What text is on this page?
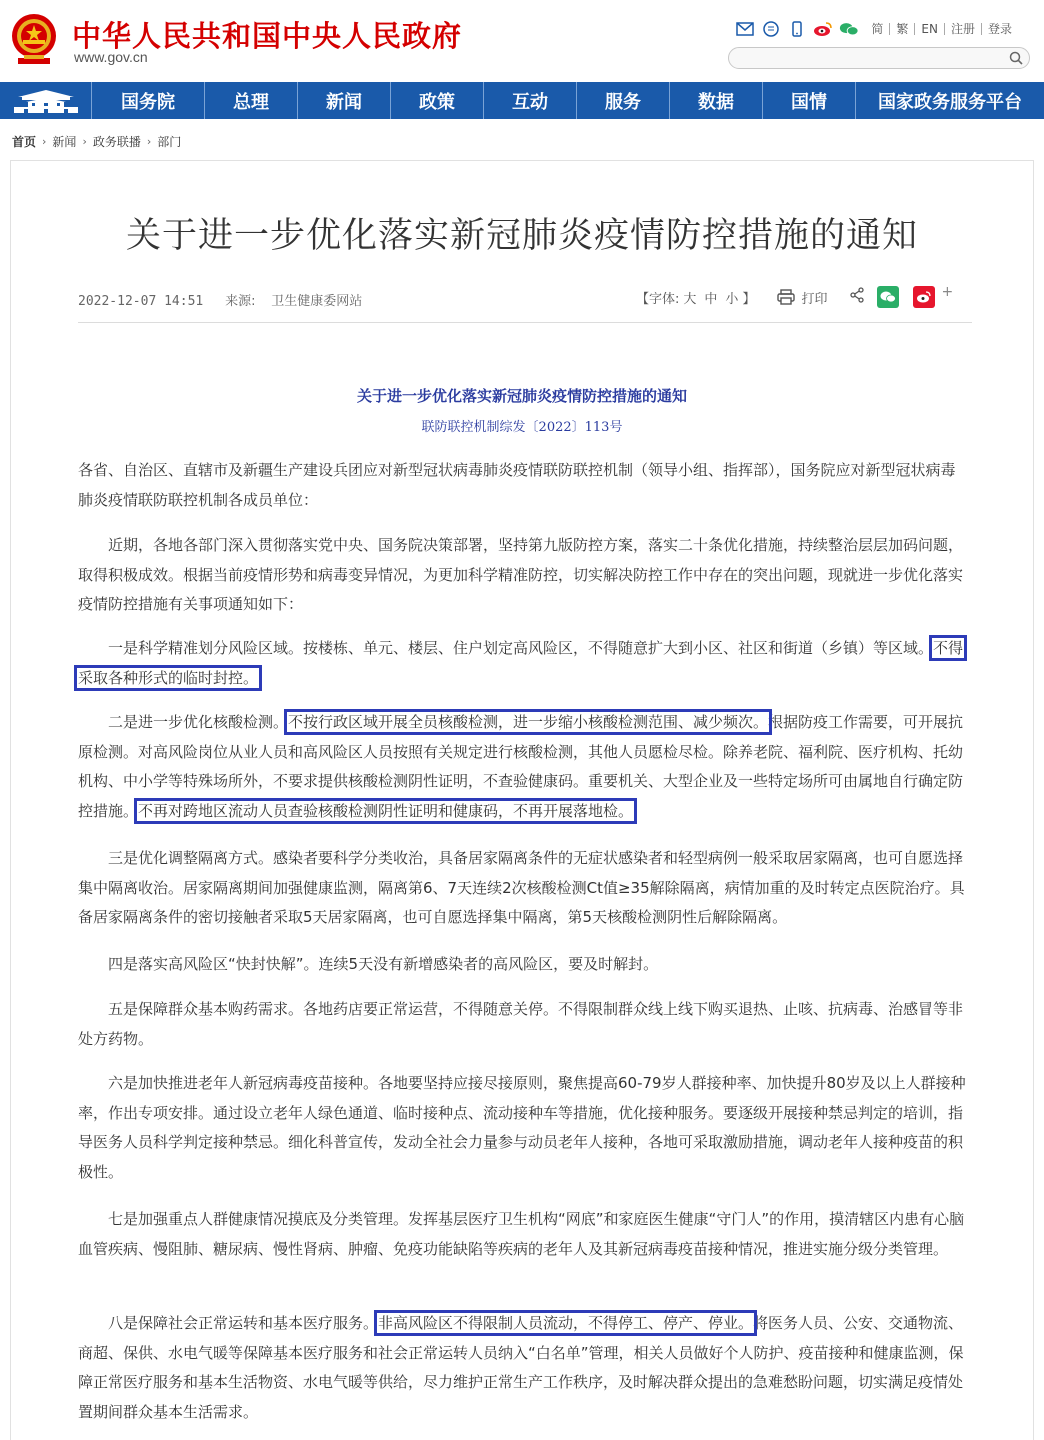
中华人民共和国中央人民政府
www.gov.cn
简	繁	EN	注册	登录
国务院	总理	新闻	政策	互动	服务	数据	国情	国家政务服务平台
首页 › 新闻 › 政务联播 › 部门
关于进一步优化落实新冠肺炎疫情防控措施的通知
2022-12-07 14:51 来源: 卫生健康委网站	【字体: 大 中 小 】	打印	+
关于进一步优化落实新冠肺炎疫情防控措施的通知
联防联控机制综发〔2022〕113号
各省、自治区、直辖市及新疆生产建设兵团应对新型冠状病毒肺炎疫情联防联控机制（领导小组、指挥部），国务院应对新型冠状病毒肺炎疫情联防联控机制各成员单位：
近期，各地各部门深入贯彻落实党中央、国务院决策部署，坚持第九版防控方案，落实二十条优化措施，持续整治层层加码问题，取得积极成效。根据当前疫情形势和病毒变异情况，为更加科学精准防控，切实解决防控工作中存在的突出问题，现就进一步优化落实疫情防控措施有关事项通知如下：
一是科学精准划分风险区域。按楼栋、单元、楼层、住户划定高风险区，不得随意扩大到小区、社区和街道（乡镇）等区域。不得采取各种形式的临时封控。
二是进一步优化核酸检测。不按行政区域开展全员核酸检测，进一步缩小核酸检测范围、减少频次。根据防疫工作需要，可开展抗原检测。对高风险岗位从业人员和高风险区人员按照有关规定进行核酸检测，其他人员愿检尽检。除养老院、福利院、医疗机构、托幼机构、中小学等特殊场所外，不要求提供核酸检测阴性证明，不查验健康码。重要机关、大型企业及一些特定场所可由属地自行确定防控措施。不再对跨地区流动人员查验核酸检测阴性证明和健康码，不再开展落地检。
三是优化调整隔离方式。感染者要科学分类收治，具备居家隔离条件的无症状感染者和轻型病例一般采取居家隔离，也可自愿选择集中隔离收治。居家隔离期间加强健康监测，隔离第6、7天连续2次核酸检测Ct值≥35解除隔离，病情加重的及时转定点医院治疗。具备居家隔离条件的密切接触者采取5天居家隔离，也可自愿选择集中隔离，第5天核酸检测阴性后解除隔离。
四是落实高风险区“快封快解”。连续5天没有新增感染者的高风险区，要及时解封。
五是保障群众基本购药需求。各地药店要正常运营，不得随意关停。不得限制群众线上线下购买退热、止咳、抗病毒、治感冒等非处方药物。
六是加快推进老年人新冠病毒疫苗接种。各地要坚持应接尽接原则，聚焦提高60-79岁人群接种率、加快提升80岁及以上人群接种率，作出专项安排。通过设立老年人绿色通道、临时接种点、流动接种车等措施，优化接种服务。要逐级开展接种禁忌判定的培训，指导医务人员科学判定接种禁忌。细化科普宣传，发动全社会力量参与动员老年人接种，各地可采取激励措施，调动老年人接种疫苗的积极性。
七是加强重点人群健康情况摸底及分类管理。发挥基层医疗卫生机构“网底”和家庭医生健康“守门人”的作用，摸清辖区内患有心脑血管疾病、慢阻肺、糖尿病、慢性肾病、肿瘤、免疫功能缺陷等疾病的老年人及其新冠病毒疫苗接种情况，推进实施分级分类管理。
八是保障社会正常运转和基本医疗服务。非高风险区不得限制人员流动，不得停工、停产、停业。将医务人员、公安、交通物流、商超、保供、水电气暖等保障基本医疗服务和社会正常运转人员纳入“白名单”管理，相关人员做好个人防护、疫苗接种和健康监测，保障正常医疗服务和基本生活物资、水电气暖等供给，尽力维护正常生产工作秩序，及时解决群众提出的急难愁盼问题，切实满足疫情处置期间群众基本生活需求。
